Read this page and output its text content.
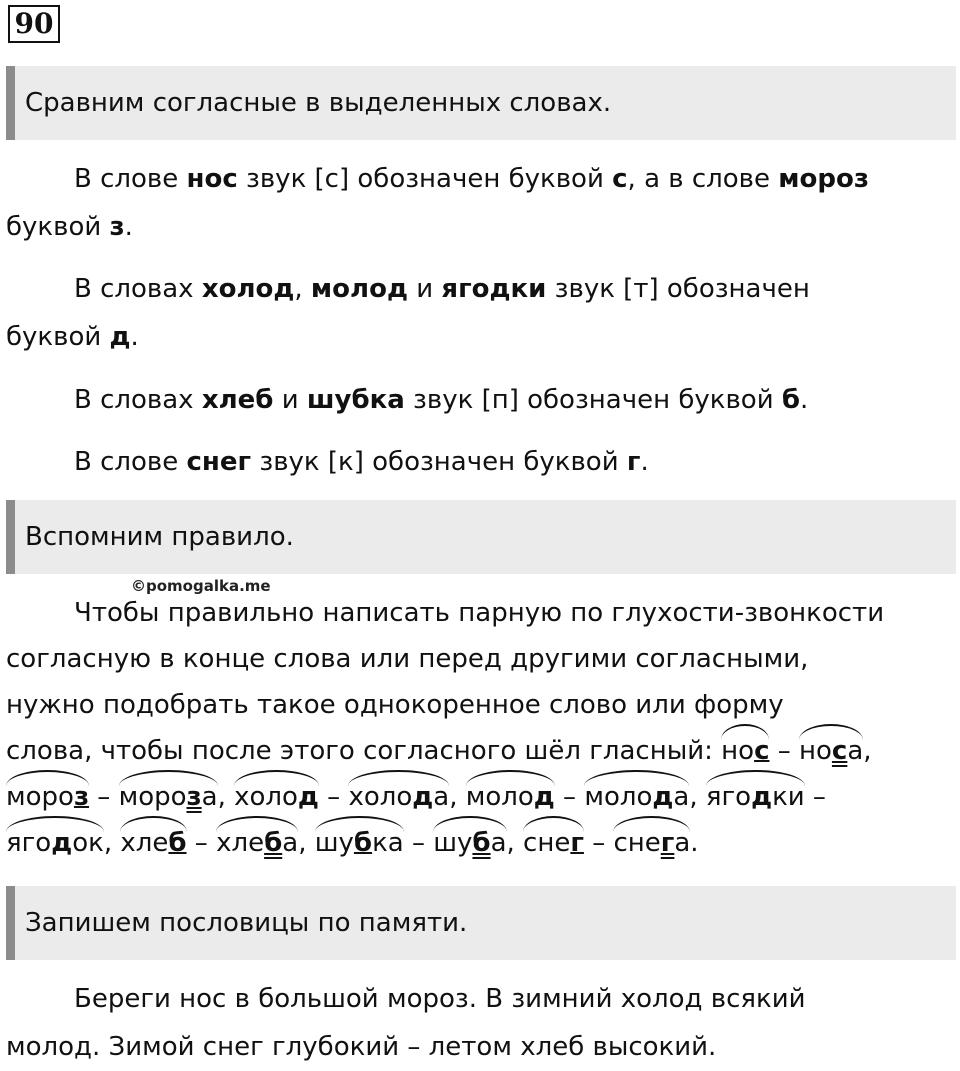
90
Сравним согласные в выделенных словах.
В слове нос звук [с] обозначен буквой с, а в слове мороз
буквой з.
В словах холод, молод и ягодки звук [т] обозначен
буквой д.
В словах хлеб и шубка звук [п] обозначен буквой б.
В слове снег звук [к] обозначен буквой г.
Вспомним правило.
©pomogalka.me
Чтобы правильно написать парную по глухости-звонкости
согласную в конце слова или перед другими согласными,
нужно подобрать такое однокоренное слово или форму
слова, чтобы после этого согласного шёл гласный:
нос –
носа,
мороз –
мороза,
холод –
холода,
молод –
молода,
ягодки –
ягодок,
хлеб –
хлеба,
шубка –
шуба,
снег –
снега.
Запишем пословицы по памяти.
Береги нос в большой мороз. В зимний холод всякий
молод. Зимой снег глубокий – летом хлеб высокий.
